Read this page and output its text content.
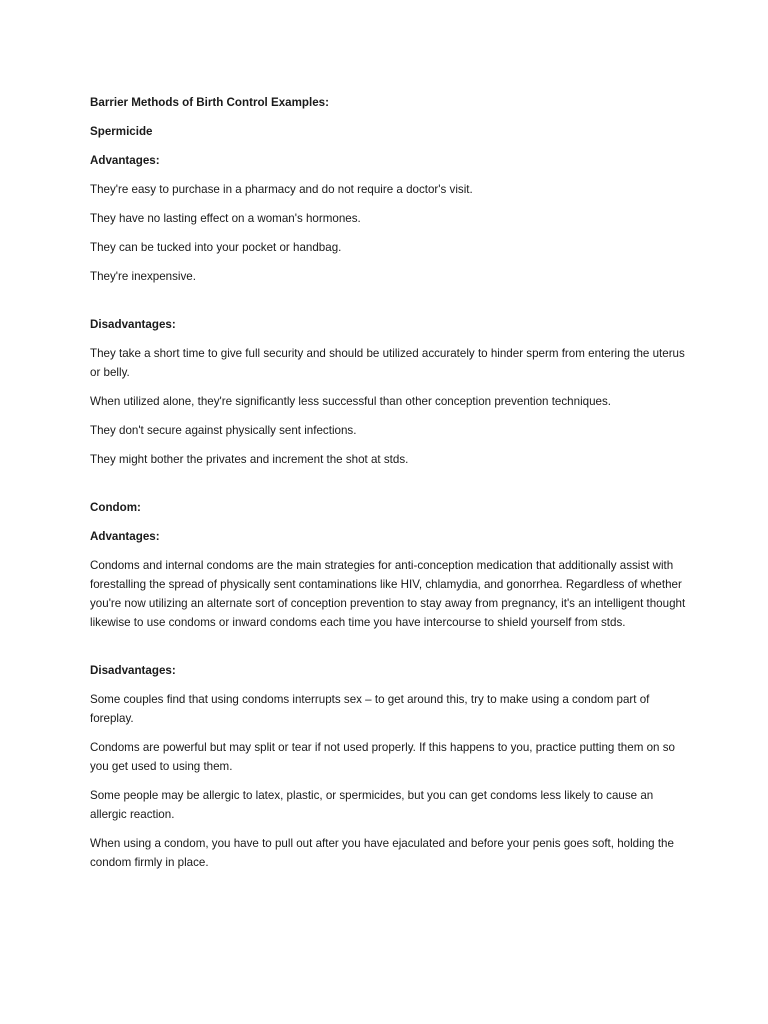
Barrier Methods of Birth Control Examples:

Spermicide

Advantages:

They're easy to purchase in a pharmacy and do not require a doctor's visit.

They have no lasting effect on a woman's hormones.

They can be tucked into your pocket or handbag.

They're inexpensive.

Disadvantages:

They take a short time to give full security and should be utilized accurately to hinder sperm from entering the uterus or belly.

When utilized alone, they're significantly less successful than other conception prevention techniques.

They don't secure against physically sent infections.

They might bother the privates and increment the shot at stds.

Condom:

Advantages:

Condoms and internal condoms are the main strategies for anti-conception medication that additionally assist with forestalling the spread of physically sent contaminations like HIV, chlamydia, and gonorrhea. Regardless of whether you're now utilizing an alternate sort of conception prevention to stay away from pregnancy, it's an intelligent thought likewise to use condoms or inward condoms each time you have intercourse to shield yourself from stds.

Disadvantages:

Some couples find that using condoms interrupts sex – to get around this, try to make using a condom part of foreplay.

Condoms are powerful but may split or tear if not used properly. If this happens to you, practice putting them on so you get used to using them.

Some people may be allergic to latex, plastic, or spermicides, but you can get condoms less likely to cause an allergic reaction.

When using a condom, you have to pull out after you have ejaculated and before your penis goes soft, holding the condom firmly in place.
